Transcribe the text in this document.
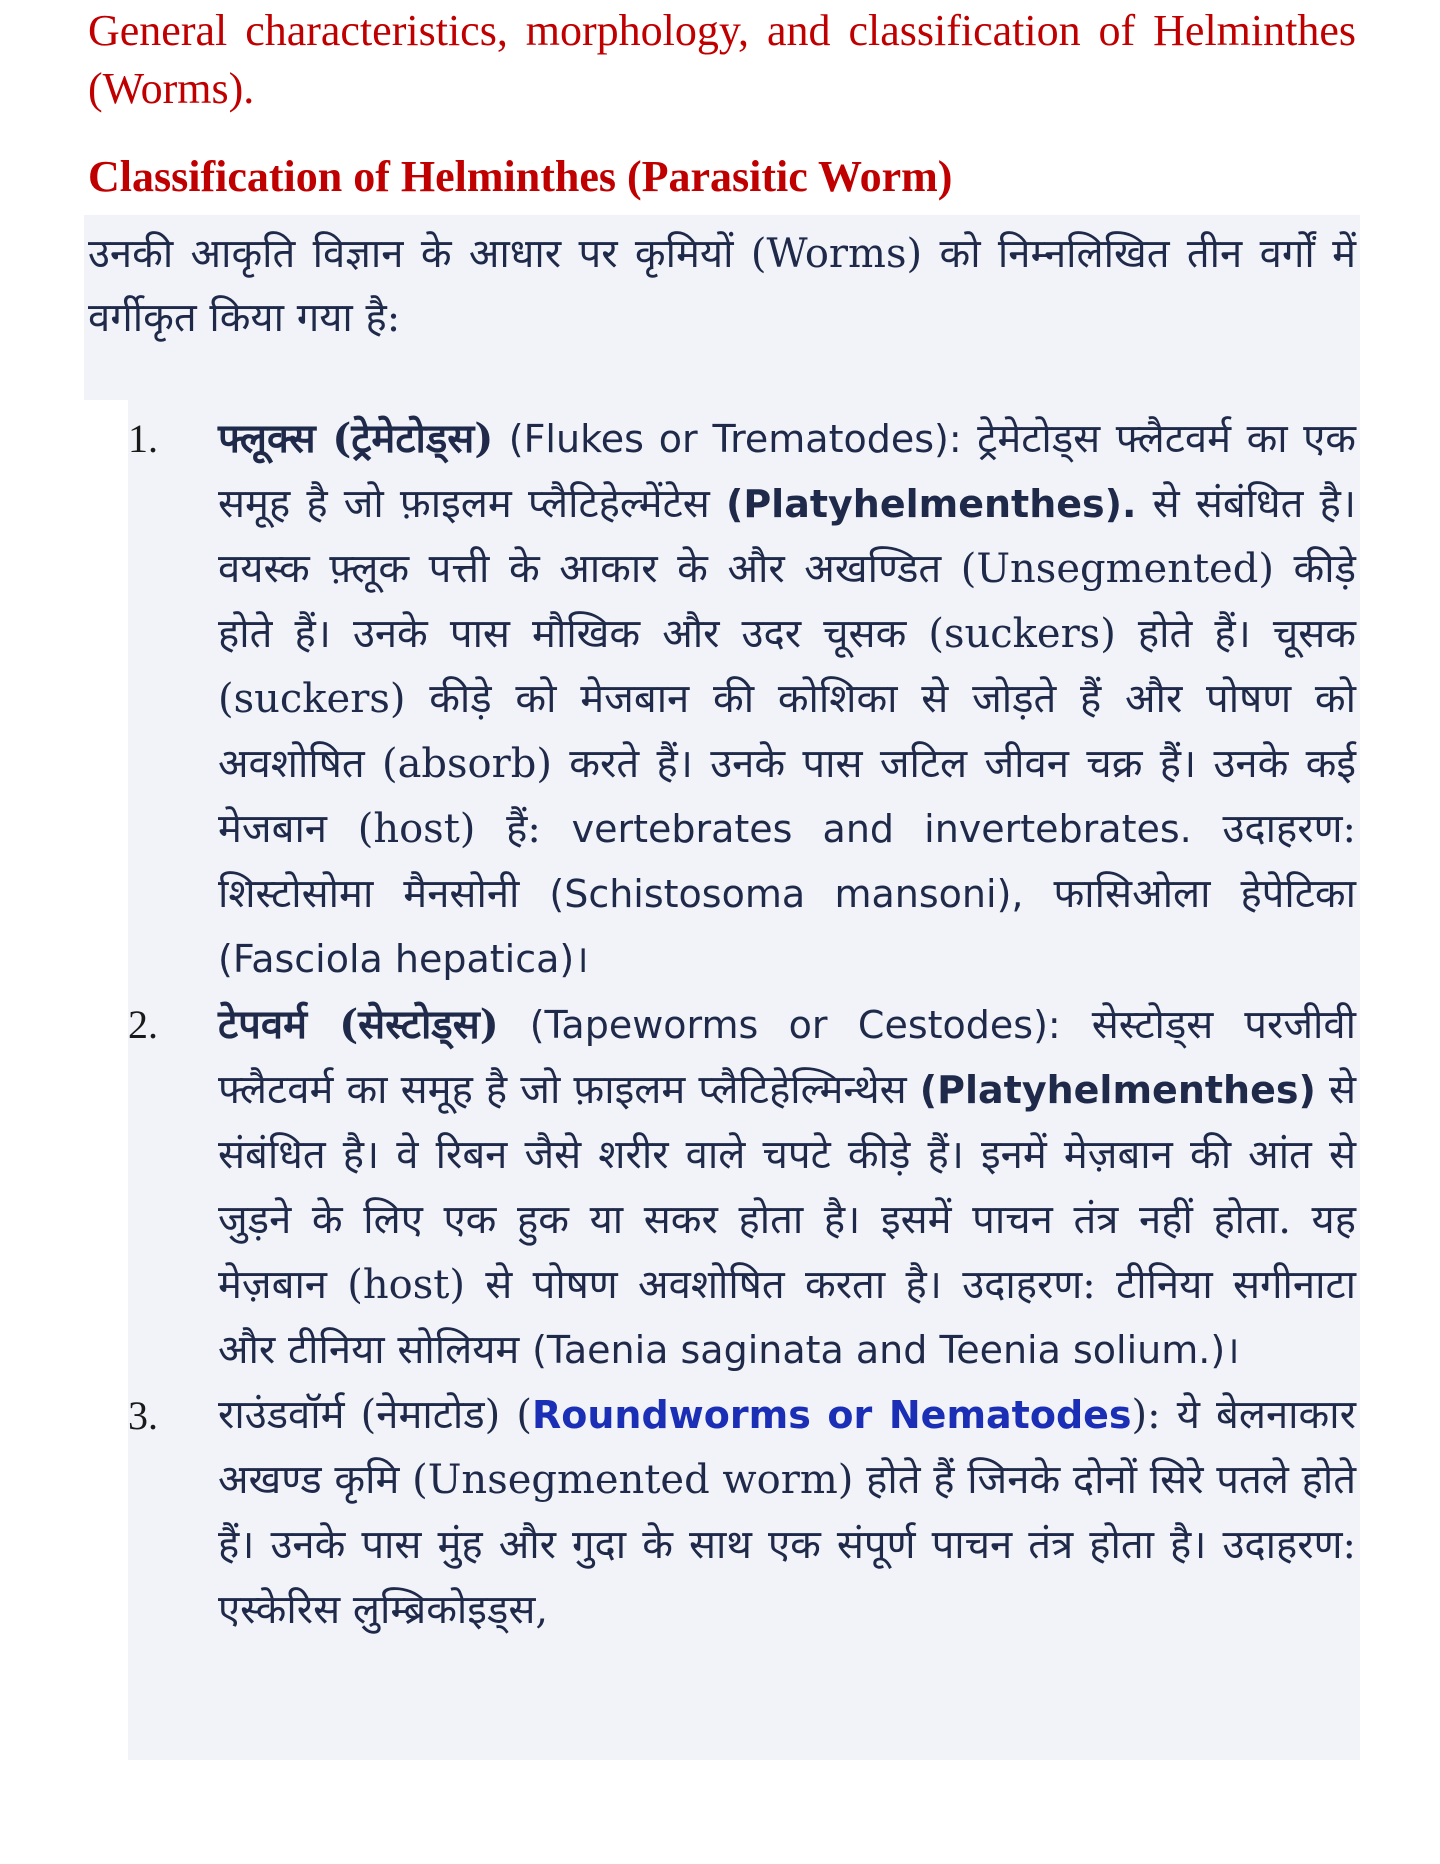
General characteristics, morphology, and classification of Helminthes (Worms).
Classification of Helminthes (Parasitic Worm)

उनकी आकृति विज्ञान के आधार पर कृमियों (Worms) को निम्नलिखित तीन वर्गों में वर्गीकृत किया गया है:

1. फ्लूक्स (ट्रेमेटोड्स) (Flukes or Trematodes): ट्रेमेटोड्स फ्लैटवर्म का एक समूह है जो फ़ाइलम प्लैटिहेल्मेंटेस (Platyhelmenthes). से संबंधित है। वयस्क फ़्लूक पत्ती के आकार के और अखण्डित (Unsegmented) कीड़े होते हैं। उनके पास मौखिक और उदर चूसक (suckers) होते हैं। चूसक (suckers) कीड़े को मेजबान की कोशिका से जोड़ते हैं और पोषण को अवशोषित (absorb) करते हैं। उनके पास जटिल जीवन चक्र हैं। उनके कई मेजबान (host) हैं: vertebrates and invertebrates. उदाहरण: शिस्टोसोमा मैनसोनी (Schistosoma mansoni), फासिओला हेपेटिका (Fasciola hepatica)।
2. टेपवर्म (सेस्टोड्स) (Tapeworms or Cestodes): सेस्टोड्स परजीवी फ्लैटवर्म का समूह है जो फ़ाइलम प्लैटिहेल्मिन्थेस (Platyhelmenthes) से संबंधित है। वे रिबन जैसे शरीर वाले चपटे कीड़े हैं। इनमें मेज़बान की आंत से जुड़ने के लिए एक हुक या सकर होता है। इसमें पाचन तंत्र नहीं होता. यह मेज़बान (host) से पोषण अवशोषित करता है। उदाहरण: टीनिया सगीनाटा और टीनिया सोलियम (Taenia saginata and Teenia solium.)।
3. राउंडवॉर्म (नेमाटोड) (Roundworms or Nematodes): ये बेलनाकार अखण्ड कृमि (Unsegmented worm) होते हैं जिनके दोनों सिरे पतले होते हैं। उनके पास मुंह और गुदा के साथ एक संपूर्ण पाचन तंत्र होता है। उदाहरण: एस्केरिस लुम्ब्रिकोइड्स,
